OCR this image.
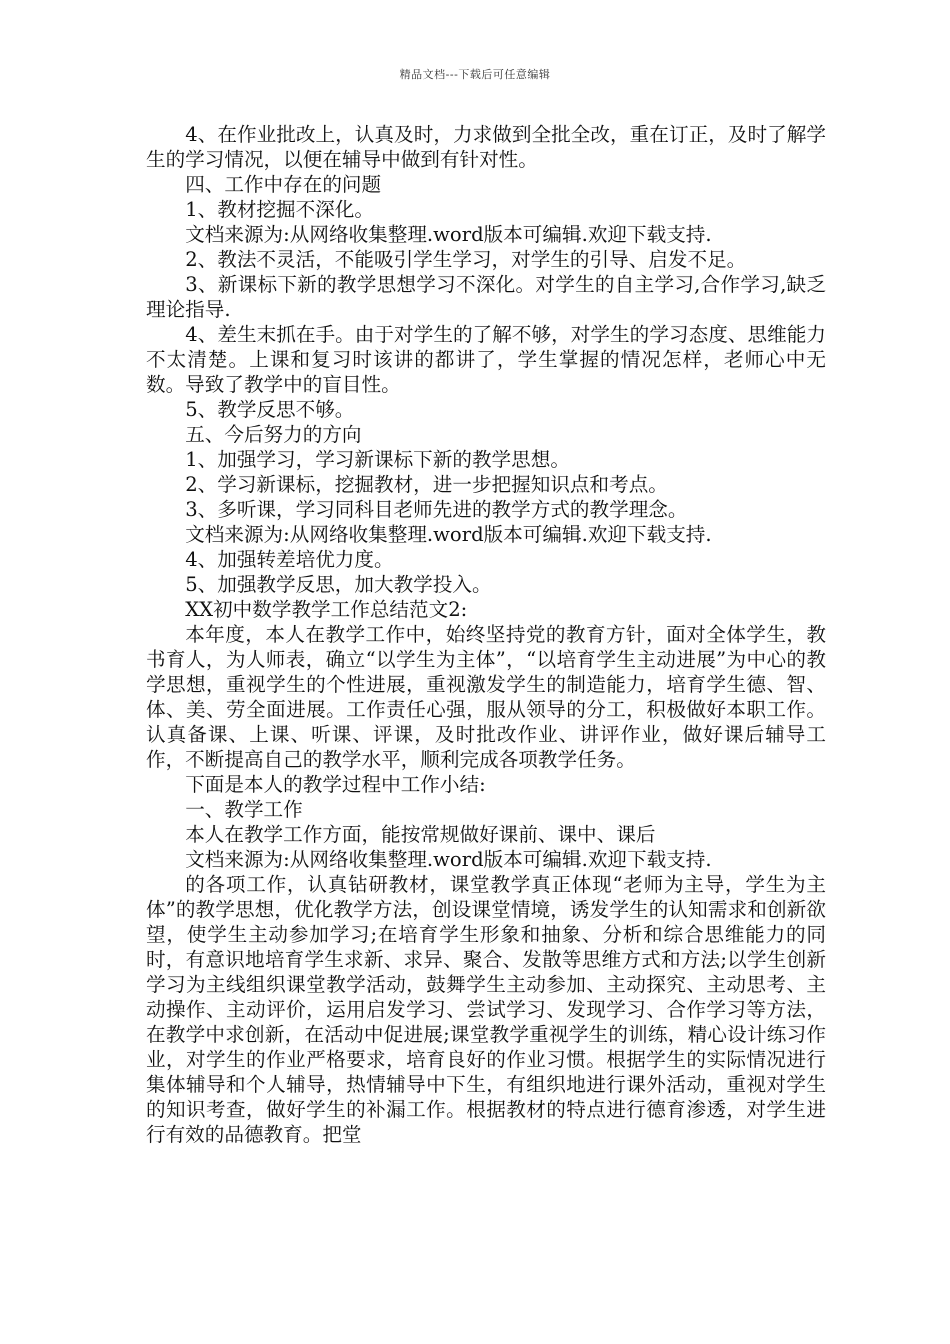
精品文档---下载后可任意编辑

4、在作业批改上，认真及时，力求做到全批全改，重在订正，及时了解学生的学习情况，以便在辅导中做到有针对性。

四、工作中存在的问题

1、教材挖掘不深化。

文档来源为:从网络收集整理.word版本可编辑.欢迎下载支持.

2、教法不灵活，不能吸引学生学习，对学生的引导、启发不足。

3、新课标下新的教学思想学习不深化。对学生的自主学习,合作学习,缺乏理论指导.

4、差生末抓在手。由于对学生的了解不够，对学生的学习态度、思维能力不太清楚。上课和复习时该讲的都讲了，学生掌握的情况怎样，老师心中无数。导致了教学中的盲目性。

5、教学反思不够。

五、今后努力的方向

1、加强学习，学习新课标下新的教学思想。

2、学习新课标，挖掘教材，进一步把握知识点和考点。

3、多听课，学习同科目老师先进的教学方式的教学理念。

文档来源为:从网络收集整理.word版本可编辑.欢迎下载支持.

4、加强转差培优力度。

5、加强教学反思，加大教学投入。

XX初中数学教学工作总结范文2:

本年度，本人在教学工作中，始终坚持党的教育方针，面对全体学生，教书育人，为人师表，确立“以学生为主体”，“以培育学生主动进展”为中心的教学思想，重视学生的个性进展，重视激发学生的制造能力，培育学生德、智、体、美、劳全面进展。工作责任心强，服从领导的分工，积极做好本职工作。认真备课、上课、听课、评课，及时批改作业、讲评作业，做好课后辅导工作，不断提高自己的教学水平，顺利完成各项教学任务。

下面是本人的教学过程中工作小结:

一、教学工作

本人在教学工作方面，能按常规做好课前、课中、课后

文档来源为:从网络收集整理.word版本可编辑.欢迎下载支持.

的各项工作，认真钻研教材，课堂教学真正体现“老师为主导，学生为主体”的教学思想，优化教学方法，创设课堂情境，诱发学生的认知需求和创新欲望，使学生主动参加学习;在培育学生形象和抽象、分析和综合思维能力的同时，有意识地培育学生求新、求异、聚合、发散等思维方式和方法;以学生创新学习为主线组织课堂教学活动，鼓舞学生主动参加、主动探究、主动思考、主动操作、主动评价，运用启发学习、尝试学习、发现学习、合作学习等方法，在教学中求创新，在活动中促进展;课堂教学重视学生的训练，精心设计练习作业，对学生的作业严格要求，培育良好的作业习惯。根据学生的实际情况进行集体辅导和个人辅导，热情辅导中下生，有组织地进行课外活动，重视对学生的知识考查，做好学生的补漏工作。根据教材的特点进行德育渗透，对学生进行有效的品德教育。把堂
